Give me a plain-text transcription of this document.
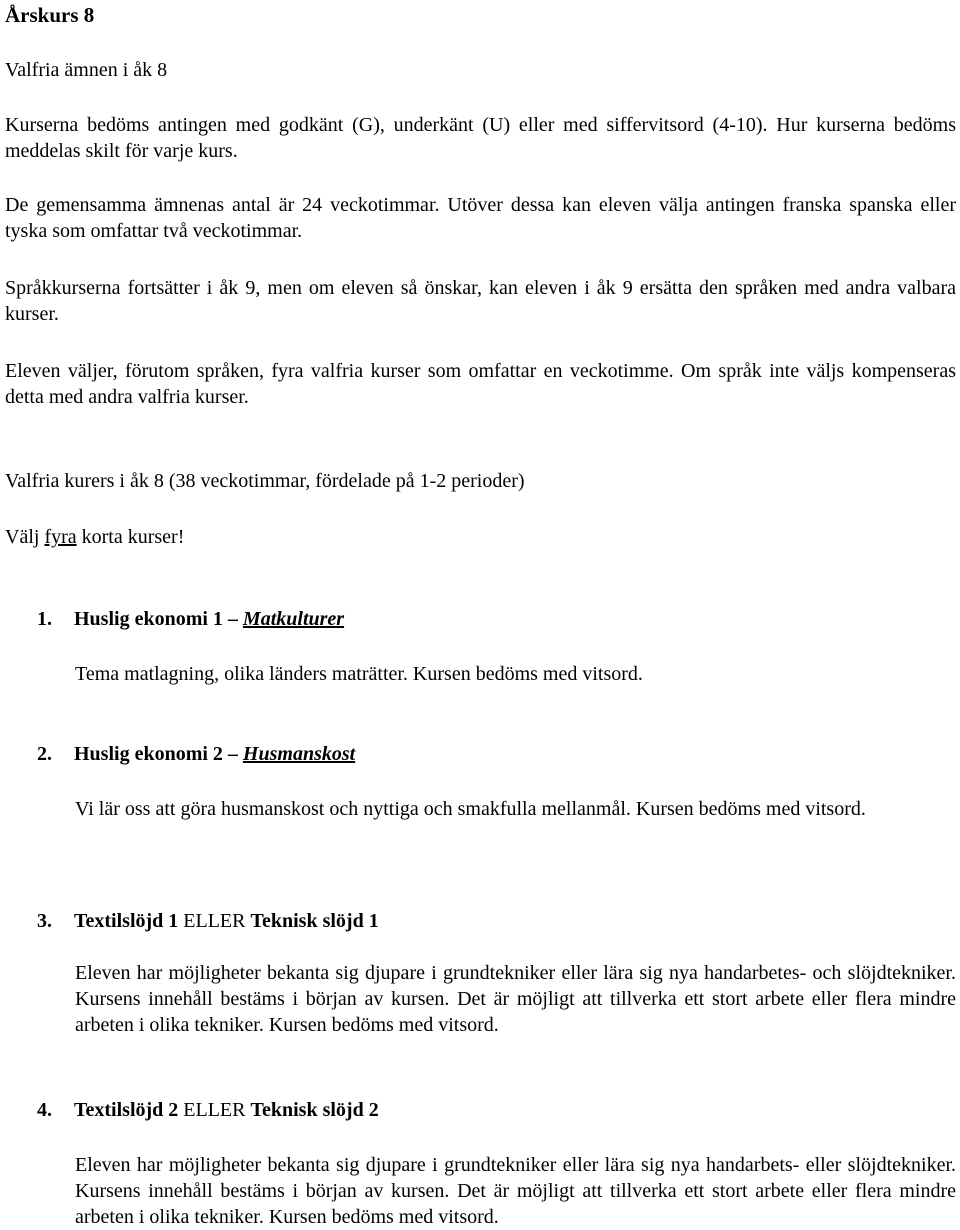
Årskurs 8

Valfria ämnen i åk 8

Kurserna bedöms antingen med godkänt (G), underkänt (U) eller med siffervitsord (4-10). Hur kurserna bedöms meddelas skilt för varje kurs.

De gemensamma ämnenas antal är 24 veckotimmar. Utöver dessa kan eleven välja antingen franska spanska eller tyska som omfattar två veckotimmar.

Språkkurserna fortsätter i åk 9, men om eleven så önskar, kan eleven i åk 9 ersätta den språken med andra valbara kurser.

Eleven väljer, förutom språken, fyra valfria kurser som omfattar en veckotimme. Om språk inte väljs kompenseras detta med andra valfria kurser.

Valfria kurers i åk 8 (38 veckotimmar, fördelade på 1-2 perioder)

Välj fyra korta kurser!

1. Huslig ekonomi 1 – Matkulturer

Tema matlagning, olika länders maträtter. Kursen bedöms med vitsord.

2. Huslig ekonomi 2 – Husmanskost

Vi lär oss att göra husmanskost och nyttiga och smakfulla mellanmål. Kursen bedöms med vitsord.

3. Textilslöjd 1 ELLER Teknisk slöjd 1

Eleven har möjligheter bekanta sig djupare i grundtekniker eller lära sig nya handarbetes- och slöjdtekniker. Kursens innehåll bestäms i början av kursen. Det är möjligt att tillverka ett stort arbete eller flera mindre arbeten i olika tekniker. Kursen bedöms med vitsord.

4. Textilslöjd 2 ELLER Teknisk slöjd 2

Eleven har möjligheter bekanta sig djupare i grundtekniker eller lära sig nya handarbets- eller slöjdtekniker. Kursens innehåll bestäms i början av kursen. Det är möjligt att tillverka ett stort arbete eller flera mindre arbeten i olika tekniker. Kursen bedöms med vitsord.
